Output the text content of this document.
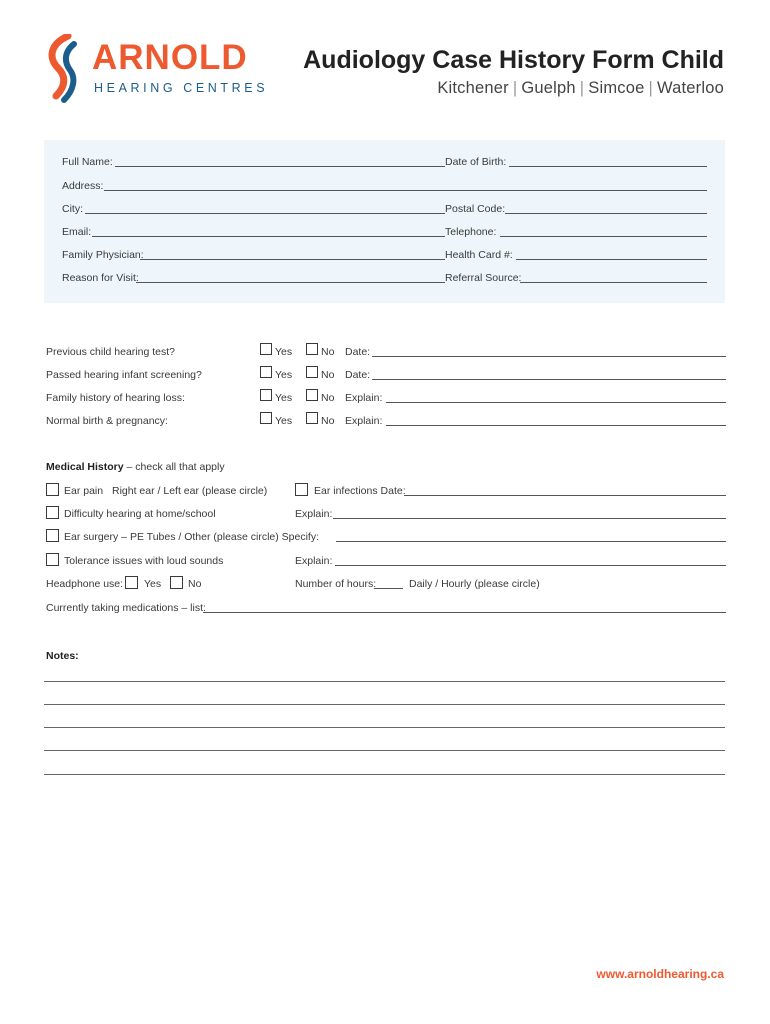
ARNOLD
HEARING CENTRES
Audiology Case History Form Child
Kitchener | Guelph | Simcoe | Waterloo
Full Name:	Date of Birth:
Address:
City:	Postal Code:
Email:	Telephone:
Family Physician:	Health Card #:
Reason for Visit:	Referral Source:
Previous child hearing test?	Yes	No Date:
Passed hearing infant screening?	Yes	No Date:
Family history of hearing loss:	Yes	No Explain:
Normal birth & pregnancy:	Yes	No Explain:
Medical History – check all that apply
Ear pain Right ear / Left ear (please circle)	Ear infections Date:
Difficulty hearing at home/school	Explain:
Ear surgery – PE Tubes / Other (please circle) Specify:
Tolerance issues with loud sounds	Explain:
Headphone use: Yes	No	Number of hours:	Daily / Hourly (please circle)
Currently taking medications – list:
Notes:
www.arnoldhearing.ca
